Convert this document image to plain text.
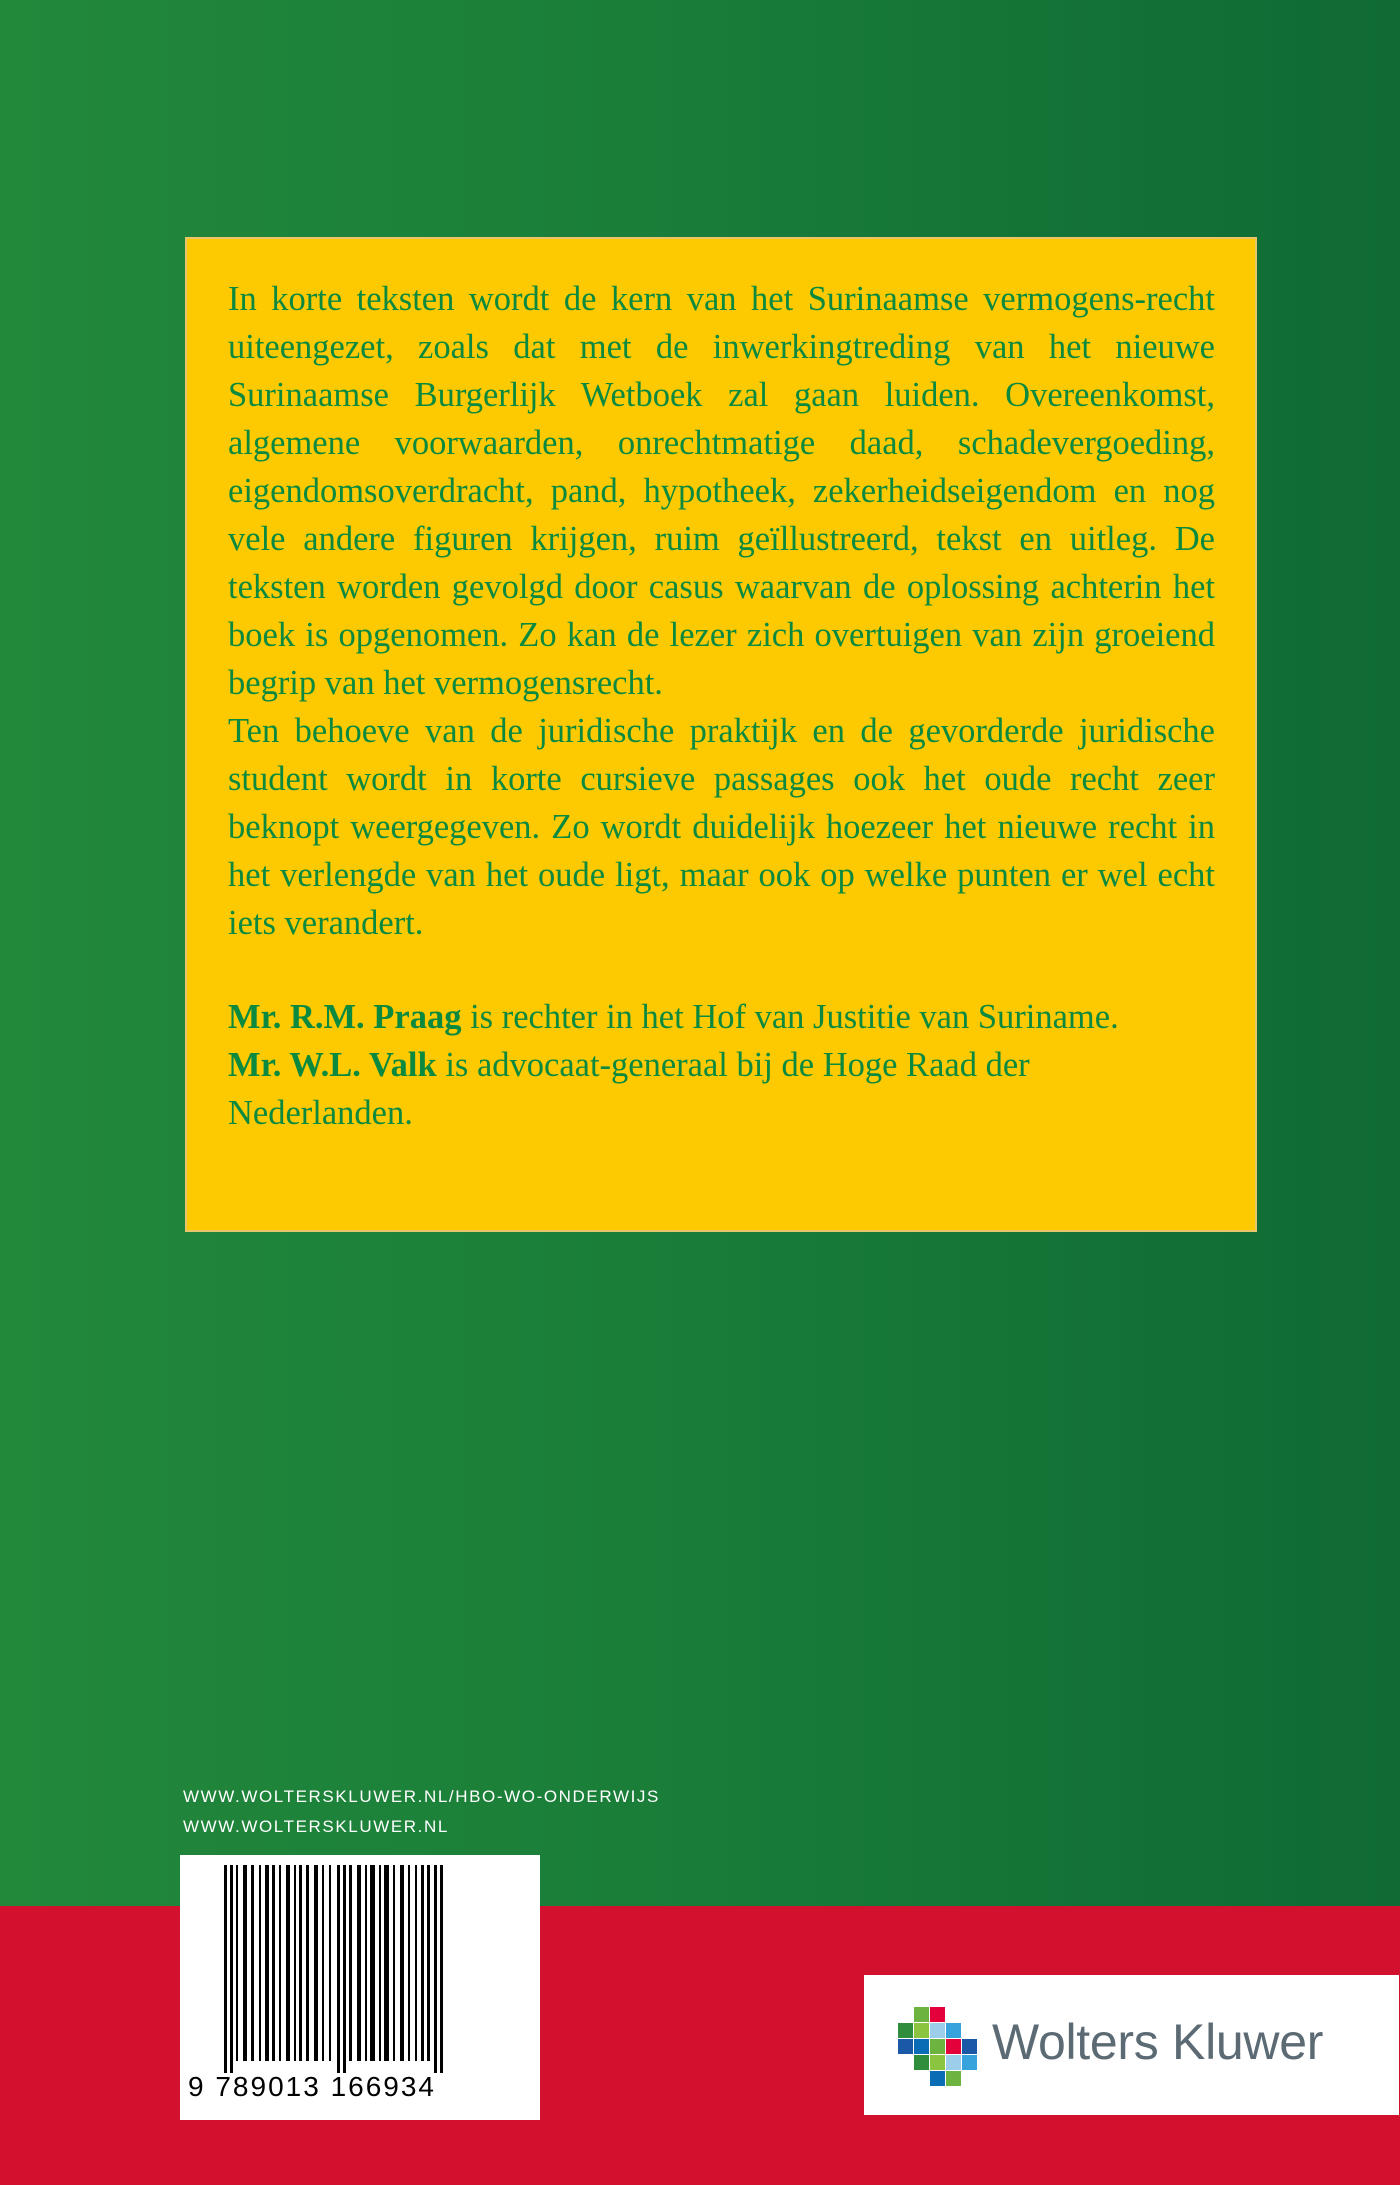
In korte teksten wordt de kern van het Surinaamse vermogens-recht uiteengezet, zoals dat met de inwerkingtreding van het nieuwe Surinaamse Burgerlijk Wetboek zal gaan luiden. Overeenkomst, algemene voorwaarden, onrechtmatige daad, schadevergoeding, eigendomsoverdracht, pand, hypotheek, zekerheidseigendom en nog vele andere figuren krijgen, ruim geïllustreerd, tekst en uitleg. De teksten worden gevolgd door casus waarvan de oplossing achterin het boek is opgenomen. Zo kan de lezer zich overtuigen van zijn groeiend begrip van het vermogensrecht.

Ten behoeve van de juridische praktijk en de gevorderde juridische student wordt in korte cursieve passages ook het oude recht zeer beknopt weergegeven. Zo wordt duidelijk hoezeer het nieuwe recht in het verlengde van het oude ligt, maar ook op welke punten er wel echt iets verandert.

Mr. R.M. Praag is rechter in het Hof van Justitie van Suriname.
Mr. W.L. Valk is advocaat-generaal bij de Hoge Raad der Nederlanden.
WWW.WOLTERSKLUWER.NL/HBO-WO-ONDERWIJS
WWW.WOLTERSKLUWER.NL
9 789013 166934
Wolters Kluwer
